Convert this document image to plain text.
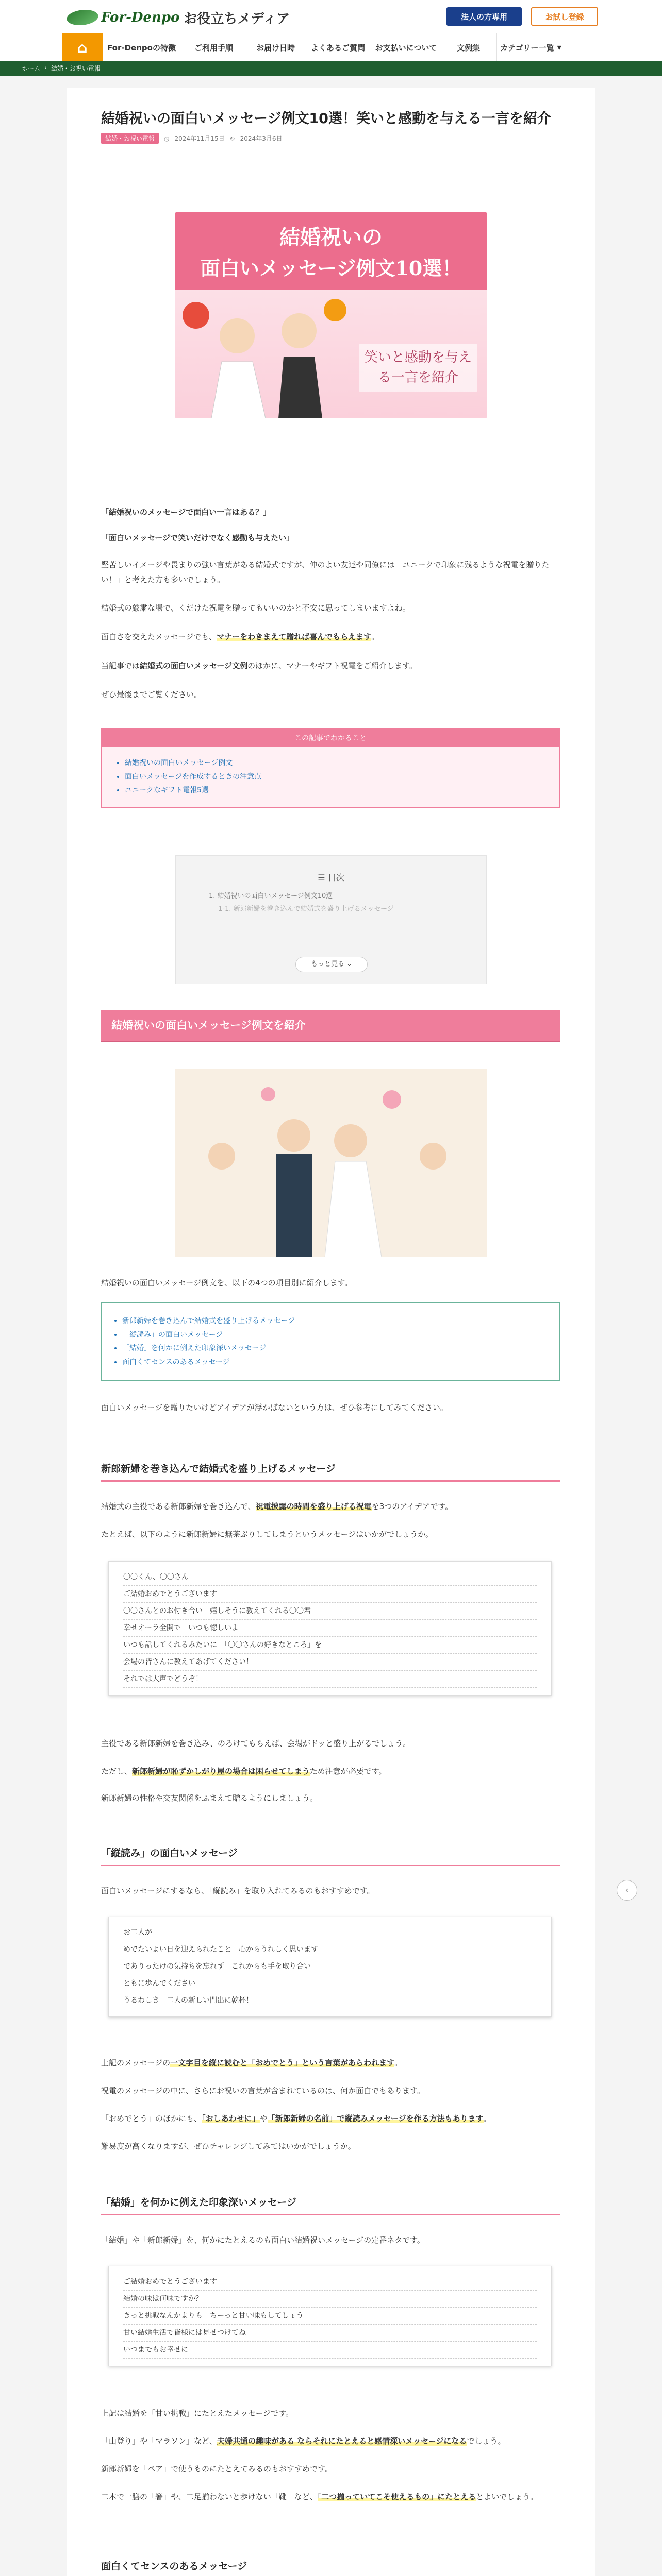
For-Denpo お役立ちメディア	法人の方専用	お試し登録
⌂	For-Denpoの特徴 ご利用手順	お届け日時 よくあるご質問 お支払いについて	文例集	カテゴリー一覧 ▼
ホーム › 結婚・お祝い電報
結婚祝いの面白いメッセージ例文10選！笑いと感動を与える一言を紹介
結婚・お祝い電報	◷ 2024年11月15日 ↻ 2024年3月6日
結婚祝いの
面白いメッセージ例文10選！
笑いと感動を与える一言を紹介
「結婚祝いのメッセージで面白い一言はある？」
「面白いメッセージで笑いだけでなく感動も与えたい」
堅苦しいイメージや畏まりの強い言葉がある結婚式ですが、仲のよい友達や同僚には「ユニークで印象に残るような祝電を贈りたい！」と考えた方も多いでしょう。
結婚式の厳粛な場で、くだけた祝電を贈ってもいいのかと不安に思ってしまいますよね。
面白さを交えたメッセージでも、マナーをわきまえて贈れば喜んでもらえます。
当記事では結婚式の面白いメッセージ文例のほかに、マナーやギフト祝電をご紹介します。
ぜひ最後までご覧ください。
この記事でわかること
• 結婚祝いの面白いメッセージ例文
• 面白いメッセージを作成するときの注意点
• ユニークなギフト電報5選
☰ 目次
1. 結婚祝いの面白いメッセージ例文10選
1-1. 新郎新婦を巻き込んで結婚式を盛り上げるメッセージ
もっと見る ⌄
結婚祝いの面白いメッセージ例文を紹介
結婚祝いの面白いメッセージ例文を、以下の4つの項目別に紹介します。
• 新郎新婦を巻き込んで結婚式を盛り上げるメッセージ
• 「縦読み」の面白いメッセージ
• 「結婚」を何かに例えた印象深いメッセージ
• 面白くてセンスのあるメッセージ
面白いメッセージを贈りたいけどアイデアが浮かばないという方は、ぜひ参考にしてみてください。
新郎新婦を巻き込んで結婚式を盛り上げるメッセージ
結婚式の主役である新郎新婦を巻き込んで、祝電披露の時間を盛り上げる祝電を3つのアイデアです。
たとえば、以下のように新郎新婦に無茶ぶりしてしまうというメッセージはいかがでしょうか。
〇〇くん、〇〇さん
ご結婚おめでとうございます
〇〇さんとのお付き合い　嬉しそうに教えてくれる〇〇君
幸せオーラ全開で　いつも惚しいよ
いつも話してくれるみたいに　「〇〇さんの好きなところ」を
会場の皆さんに教えてあげてください！
それでは大声でどうぞ！
主役である新郎新婦を巻き込み、のろけてもらえば、会場がドッと盛り上がるでしょう。
ただし、新郎新婦が恥ずかしがり屋の場合は困らせてしまうため注意が必要です。
新郎新婦の性格や交友関係をふまえて贈るようにしましょう。
「縦読み」の面白いメッセージ
面白いメッセージにするなら、「縦読み」を取り入れてみるのもおすすめです。
お二人が
めでたいよい日を迎えられたこと　心からうれしく思います
でありったけの気持ちを忘れず　これからも手を取り合い
ともに歩んでください
うるわしき　二人の新しい門出に乾杯！
上記のメッセージの一文字目を縦に読むと「おめでとう」という言葉があらわれます。
祝電のメッセージの中に、さらにお祝いの言葉が含まれているのは、何か面白でもあります。
「おめでとう」のほかにも、「おしあわせに」や「新郎新婦の名前」で縦読みメッセージを作る方法もあります。
難易度が高くなりますが、ぜひチャレンジしてみてはいかがでしょうか。
「結婚」を何かに例えた印象深いメッセージ
「結婚」や「新郎新婦」を、何かにたとえるのも面白い結婚祝いメッセージの定番ネタです。
ご結婚おめでとうございます
結婚の味は何味ですか？
きっと挑戦なんかよりも　ちーっと甘い味もしてしょう
甘い結婚生活で皆様には見せつけてね
いつまでもお幸せに
上記は結婚を「甘い挑戦」にたとえたメッセージです。
「山登り」や「マラソン」など、夫婦共通の趣味がある ならそれにたとえると感情深いメッセージになるでしょう。
新郎新婦を「ペア」で使うものにたとえてみるのもおすすめです。
二本で一膳の「箸」や、二足揃わないと歩けない「靴」など、「二つ揃っていてこそ使えるもの」にたとえるとよいでしょう。
面白くてセンスのあるメッセージ
‹
